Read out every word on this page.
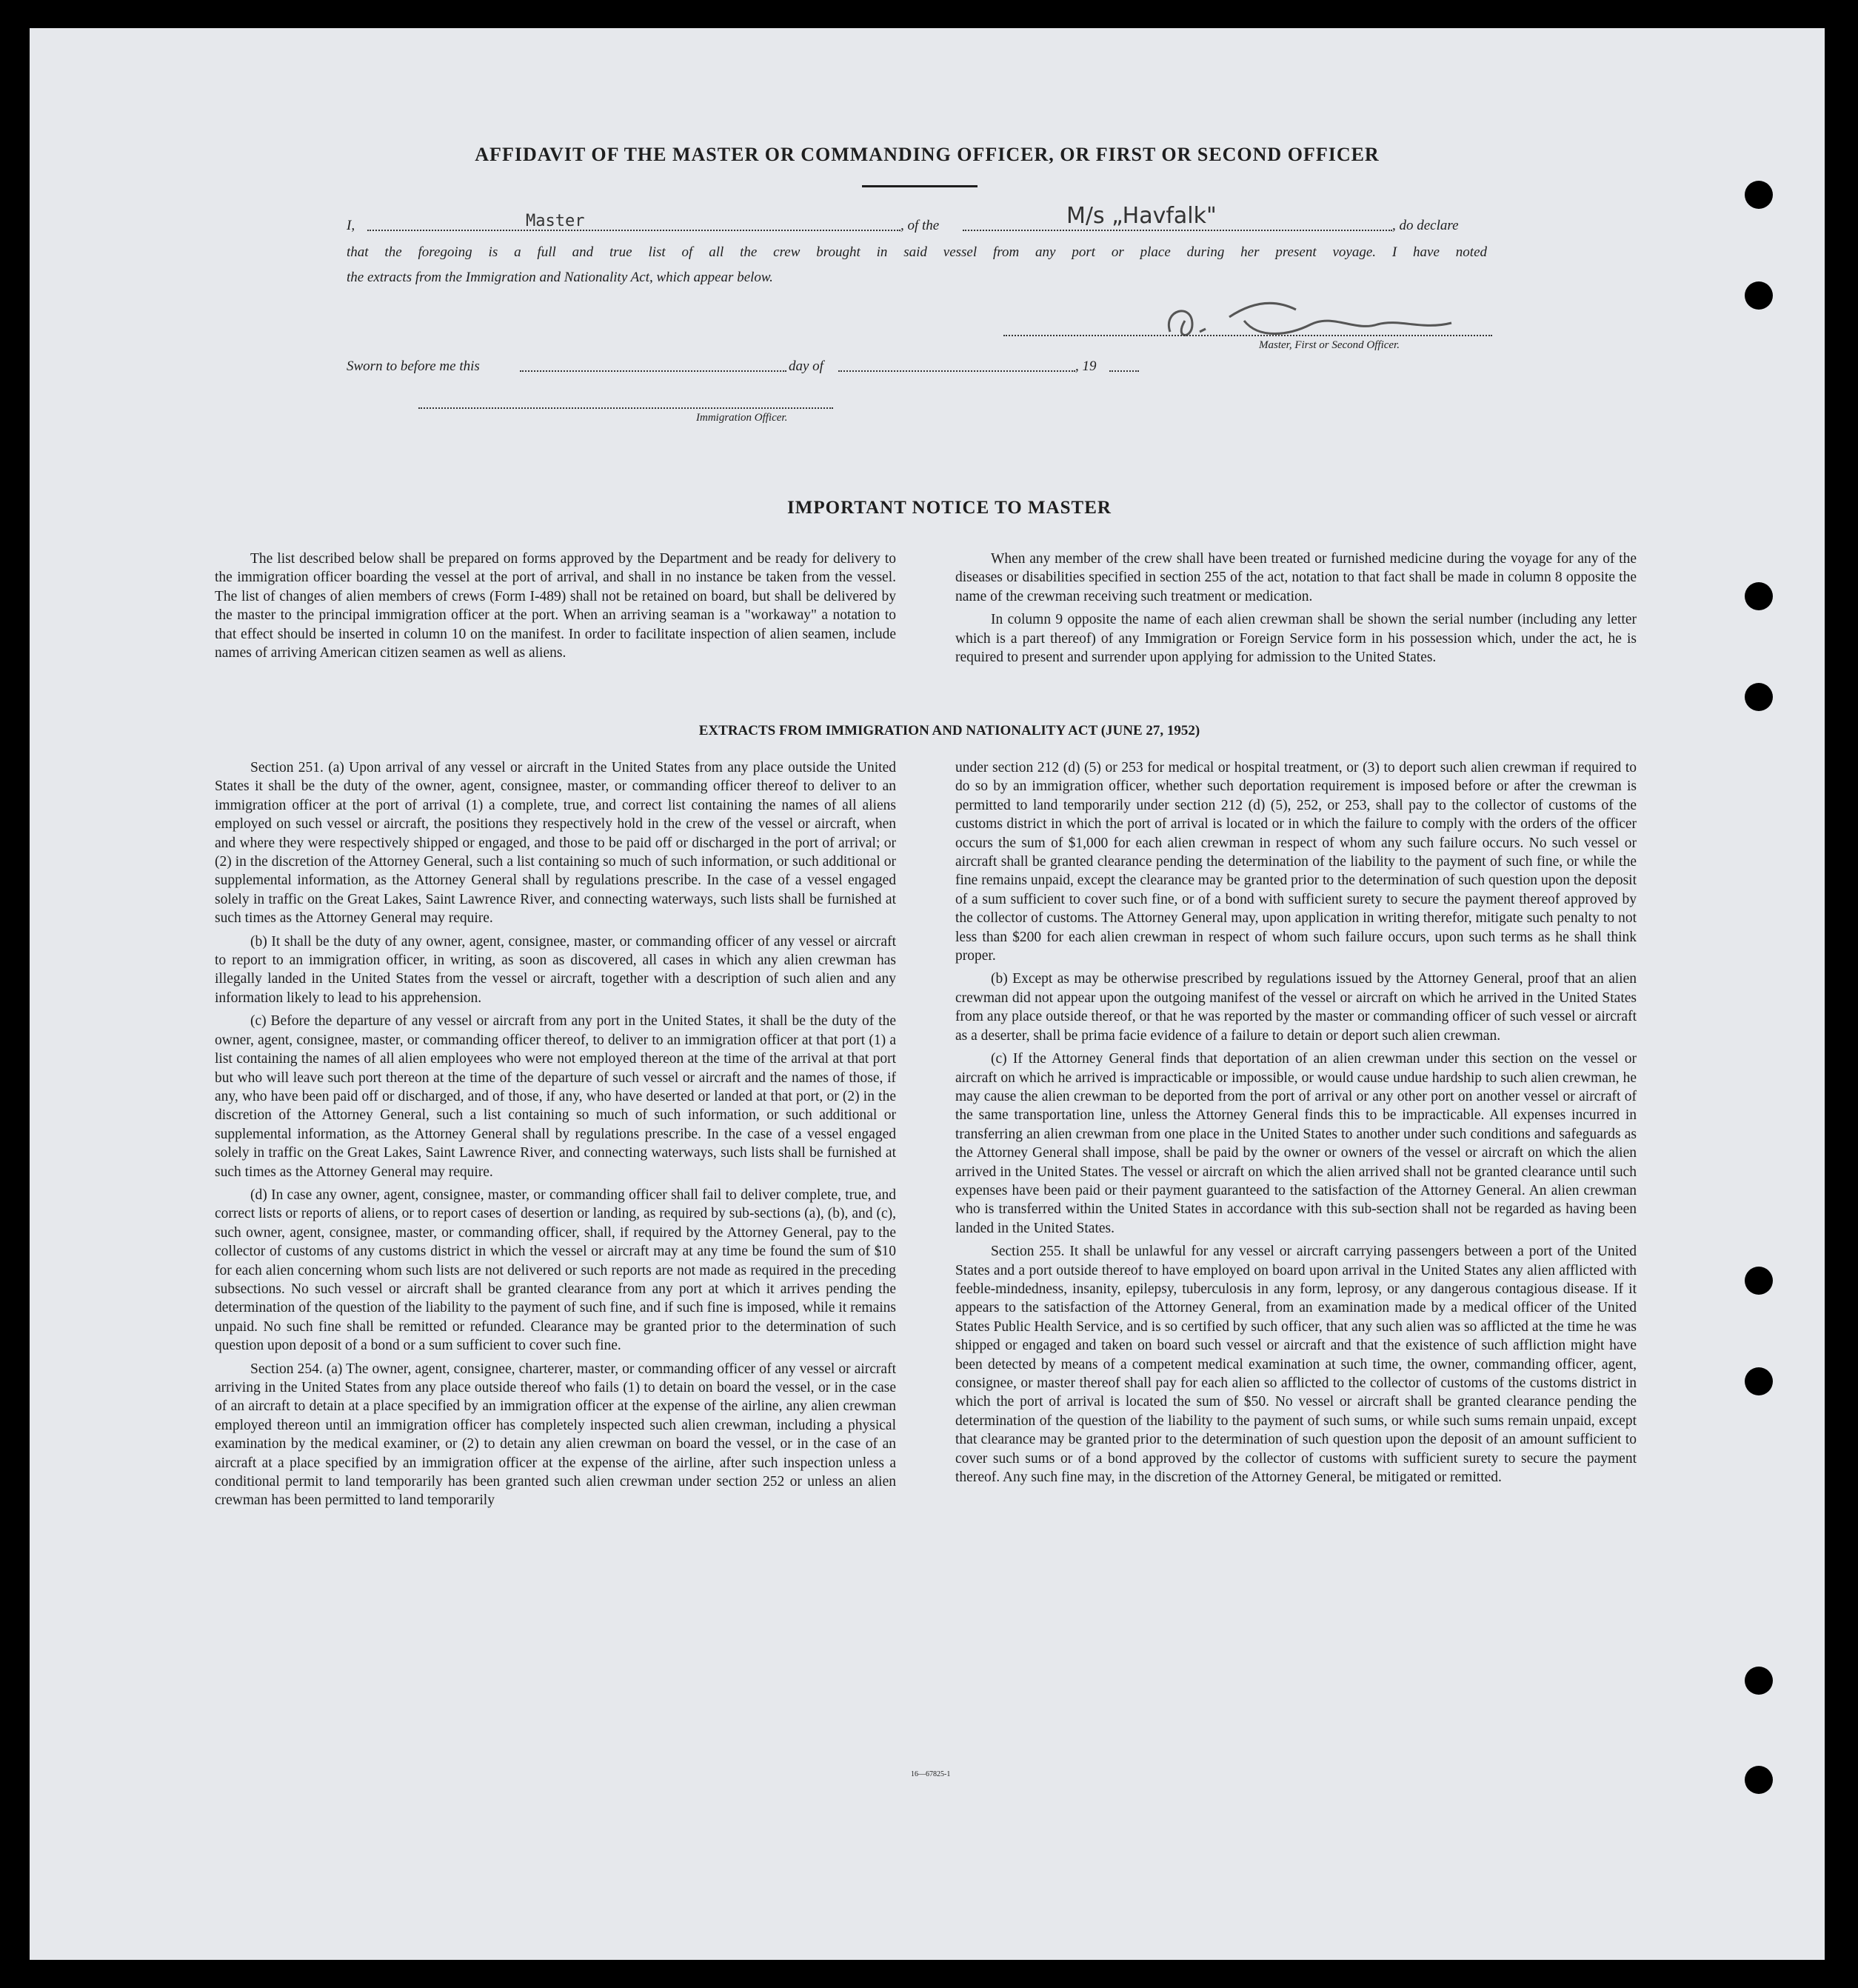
AFFIDAVIT OF THE MASTER OR COMMANDING OFFICER, OR FIRST OR SECOND OFFICER
I,	Master	, of the	M/s „Havfalk"	, do declare
that the foregoing is a full and true list of all the crew brought in said vessel from any port or place during her present voyage. I have noted
the extracts from the Immigration and Nationality Act, which appear below.
Master, First or Second Officer.
Sworn to before me this	day of	, 19
Immigration Officer.
IMPORTANT NOTICE TO MASTER

The list described below shall be prepared on forms approved by the Department and be ready for delivery to the immigration officer boarding the vessel at the port of arrival, and shall in no instance be taken from the vessel. The list of changes of alien members of crews (Form I-489) shall not be retained on board, but shall be delivered by the master to the principal immigration officer at the port. When an arriving seaman is a "workaway" a notation to that effect should be inserted in column 10 on the manifest. In order to facilitate inspection of alien seamen, include names of arriving American citizen seamen as well as aliens.

When any member of the crew shall have been treated or furnished medicine during the voyage for any of the diseases or disabilities specified in section 255 of the act, notation to that fact shall be made in column 8 opposite the name of the crewman receiving such treatment or medication.

In column 9 opposite the name of each alien crewman shall be shown the serial number (including any letter which is a part thereof) of any Immigration or Foreign Service form in his possession which, under the act, he is required to present and surrender upon applying for admission to the United States.

EXTRACTS FROM IMMIGRATION AND NATIONALITY ACT (JUNE 27, 1952)

Section 251. (a) Upon arrival of any vessel or aircraft in the United States from any place outside the United States it shall be the duty of the owner, agent, consignee, master, or commanding officer thereof to deliver to an immigration officer at the port of arrival (1) a complete, true, and correct list containing the names of all aliens employed on such vessel or aircraft, the positions they respectively hold in the crew of the vessel or aircraft, when and where they were respectively shipped or engaged, and those to be paid off or discharged in the port of arrival; or (2) in the discretion of the Attorney General, such a list containing so much of such information, or such additional or supplemental information, as the Attorney General shall by regulations prescribe. In the case of a vessel engaged solely in traffic on the Great Lakes, Saint Lawrence River, and connecting waterways, such lists shall be furnished at such times as the Attorney General may require.

(b) It shall be the duty of any owner, agent, consignee, master, or commanding officer of any vessel or aircraft to report to an immigration officer, in writing, as soon as discovered, all cases in which any alien crewman has illegally landed in the United States from the vessel or aircraft, together with a description of such alien and any information likely to lead to his apprehension.

(c) Before the departure of any vessel or aircraft from any port in the United States, it shall be the duty of the owner, agent, consignee, master, or commanding officer thereof, to deliver to an immigration officer at that port (1) a list containing the names of all alien employees who were not employed thereon at the time of the arrival at that port but who will leave such port thereon at the time of the departure of such vessel or aircraft and the names of those, if any, who have been paid off or discharged, and of those, if any, who have deserted or landed at that port, or (2) in the discretion of the Attorney General, such a list containing so much of such information, or such additional or supplemental information, as the Attorney General shall by regulations prescribe. In the case of a vessel engaged solely in traffic on the Great Lakes, Saint Lawrence River, and connecting waterways, such lists shall be furnished at such times as the Attorney General may require.

(d) In case any owner, agent, consignee, master, or commanding officer shall fail to deliver complete, true, and correct lists or reports of aliens, or to report cases of desertion or landing, as required by sub-sections (a), (b), and (c), such owner, agent, consignee, master, or commanding officer, shall, if required by the Attorney General, pay to the collector of customs of any customs district in which the vessel or aircraft may at any time be found the sum of $10 for each alien concerning whom such lists are not delivered or such reports are not made as required in the preceding subsections. No such vessel or aircraft shall be granted clearance from any port at which it arrives pending the determination of the question of the liability to the payment of such fine, and if such fine is imposed, while it remains unpaid. No such fine shall be remitted or refunded. Clearance may be granted prior to the determination of such question upon deposit of a bond or a sum sufficient to cover such fine.

Section 254. (a) The owner, agent, consignee, charterer, master, or commanding officer of any vessel or aircraft arriving in the United States from any place outside thereof who fails (1) to detain on board the vessel, or in the case of an aircraft to detain at a place specified by an immigration officer at the expense of the airline, any alien crewman employed thereon until an immigration officer has completely inspected such alien crewman, including a physical examination by the medical examiner, or (2) to detain any alien crewman on board the vessel, or in the case of an aircraft at a place specified by an immigration officer at the expense of the airline, after such inspection unless a conditional permit to land temporarily has been granted such alien crewman under section 252 or unless an alien crewman has been permitted to land temporarily

under section 212 (d) (5) or 253 for medical or hospital treatment, or (3) to deport such alien crewman if required to do so by an immigration officer, whether such deportation requirement is imposed before or after the crewman is permitted to land temporarily under section 212 (d) (5), 252, or 253, shall pay to the collector of customs of the customs district in which the port of arrival is located or in which the failure to comply with the orders of the officer occurs the sum of $1,000 for each alien crewman in respect of whom any such failure occurs. No such vessel or aircraft shall be granted clearance pending the determination of the liability to the payment of such fine, or while the fine remains unpaid, except the clearance may be granted prior to the determination of such question upon the deposit of a sum sufficient to cover such fine, or of a bond with sufficient surety to secure the payment thereof approved by the collector of customs. The Attorney General may, upon application in writing therefor, mitigate such penalty to not less than $200 for each alien crewman in respect of whom such failure occurs, upon such terms as he shall think proper.

(b) Except as may be otherwise prescribed by regulations issued by the Attorney General, proof that an alien crewman did not appear upon the outgoing manifest of the vessel or aircraft on which he arrived in the United States from any place outside thereof, or that he was reported by the master or commanding officer of such vessel or aircraft as a deserter, shall be prima facie evidence of a failure to detain or deport such alien crewman.

(c) If the Attorney General finds that deportation of an alien crewman under this section on the vessel or aircraft on which he arrived is impracticable or impossible, or would cause undue hardship to such alien crewman, he may cause the alien crewman to be deported from the port of arrival or any other port on another vessel or aircraft of the same transportation line, unless the Attorney General finds this to be impracticable. All expenses incurred in transferring an alien crewman from one place in the United States to another under such conditions and safeguards as the Attorney General shall impose, shall be paid by the owner or owners of the vessel or aircraft on which the alien arrived in the United States. The vessel or aircraft on which the alien arrived shall not be granted clearance until such expenses have been paid or their payment guaranteed to the satisfaction of the Attorney General. An alien crewman who is transferred within the United States in accordance with this sub-section shall not be regarded as having been landed in the United States.

Section 255. It shall be unlawful for any vessel or aircraft carrying passengers between a port of the United States and a port outside thereof to have employed on board upon arrival in the United States any alien afflicted with feeble-mindedness, insanity, epilepsy, tuberculosis in any form, leprosy, or any dangerous contagious disease. If it appears to the satisfaction of the Attorney General, from an examination made by a medical officer of the United States Public Health Service, and is so certified by such officer, that any such alien was so afflicted at the time he was shipped or engaged and taken on board such vessel or aircraft and that the existence of such affliction might have been detected by means of a competent medical examination at such time, the owner, commanding officer, agent, consignee, or master thereof shall pay for each alien so afflicted to the collector of customs of the customs district in which the port of arrival is located the sum of $50. No vessel or aircraft shall be granted clearance pending the determination of the question of the liability to the payment of such sums, or while such sums remain unpaid, except that clearance may be granted prior to the determination of such question upon the deposit of an amount sufficient to cover such sums or of a bond approved by the collector of customs with sufficient surety to secure the payment thereof. Any such fine may, in the discretion of the Attorney General, be mitigated or remitted.

16—67825-1
